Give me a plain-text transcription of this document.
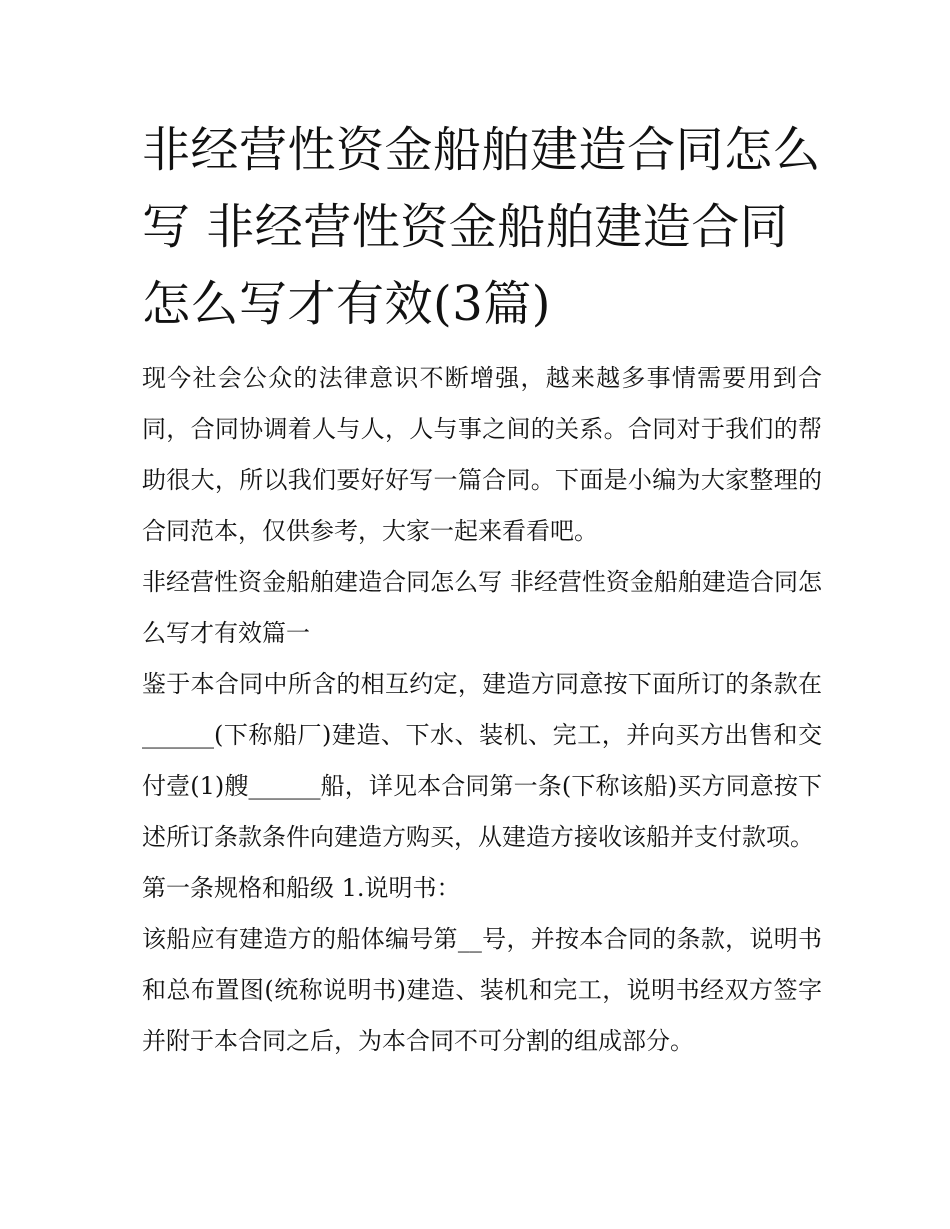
非经营性资金船舶建造合同怎么写 非经营性资金船舶建造合同怎么写才有效(3篇)

现今社会公众的法律意识不断增强，越来越多事情需要用到合同，合同协调着人与人，人与事之间的关系。合同对于我们的帮助很大，所以我们要好好写一篇合同。下面是小编为大家整理的合同范本，仅供参考，大家一起来看看吧。

非经营性资金船舶建造合同怎么写 非经营性资金船舶建造合同怎么写才有效篇一

鉴于本合同中所含的相互约定，建造方同意按下面所订的条款在______(下称船厂)建造、下水、装机、完工，并向买方出售和交付壹(1)艘______船，详见本合同第一条(下称该船)买方同意按下述所订条款条件向建造方购买，从建造方接收该船并支付款项。

第一条规格和船级 1.说明书：

该船应有建造方的船体编号第__号，并按本合同的条款，说明书和总布置图(统称说明书)建造、装机和完工，说明书经双方签字并附于本合同之后，为本合同不可分割的组成部分。
